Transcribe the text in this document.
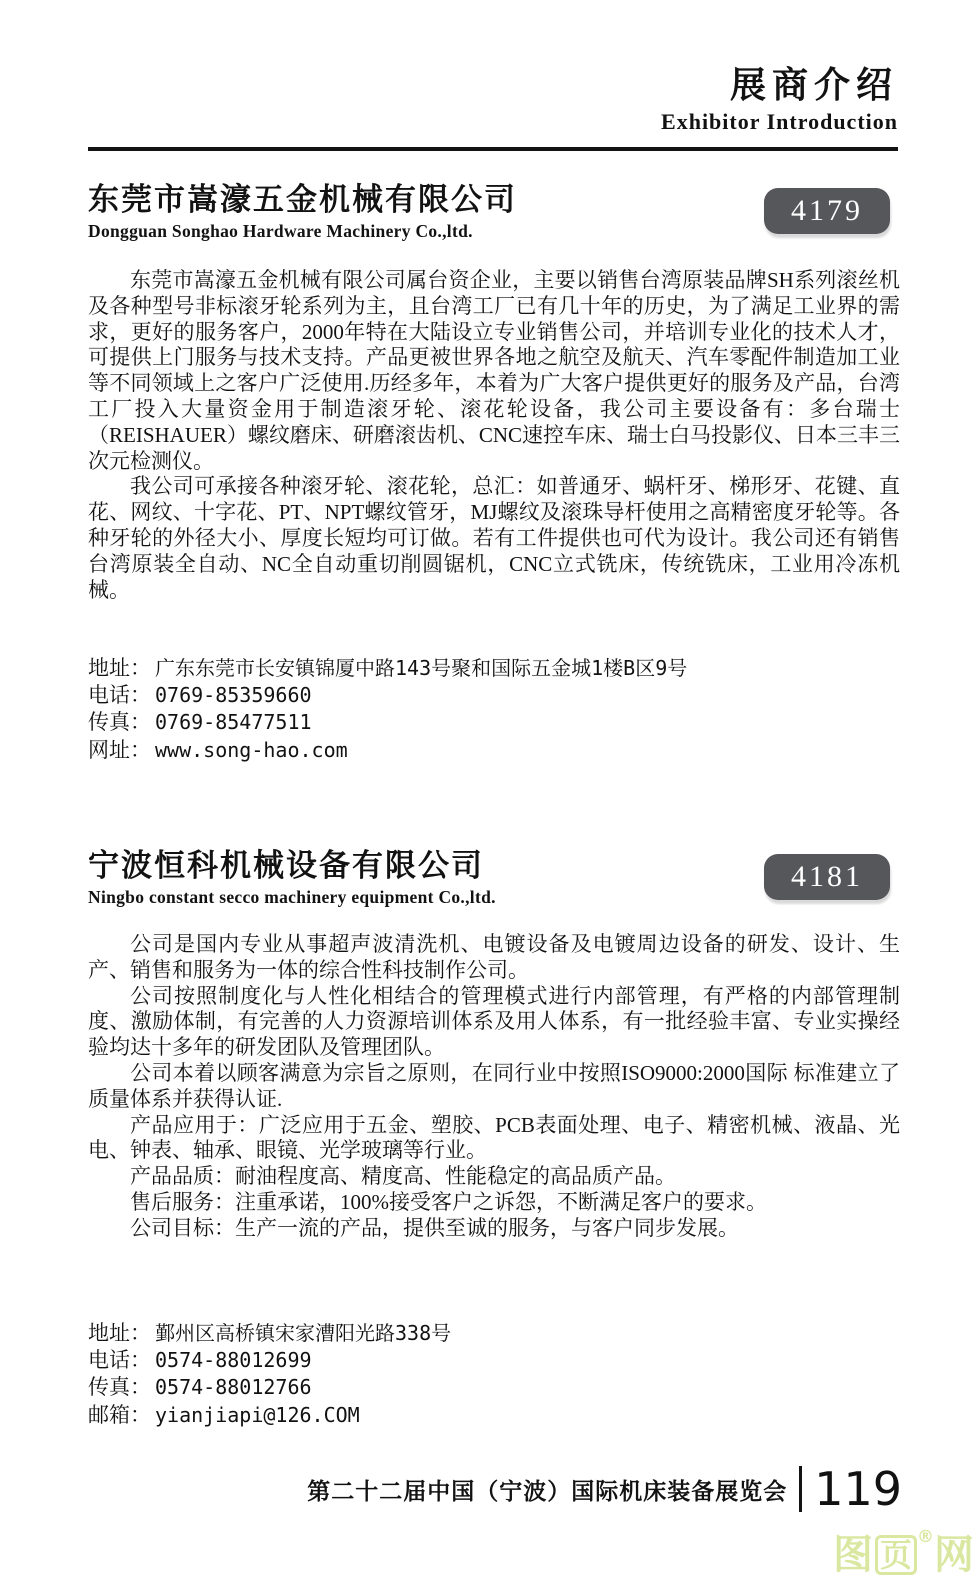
展商介绍
Exhibitor Introduction
东莞市嵩濠五金机械有限公司
Dongguan Songhao Hardware Machinery Co.,ltd.
4179

东莞市嵩濠五金机械有限公司属台资企业，主要以销售台湾原装品牌SH系列滚丝机及各种型号非标滚牙轮系列为主，且台湾工厂已有几十年的历史，为了满足工业界的需求，更好的服务客户，2000年特在大陆设立专业销售公司，并培训专业化的技术人才，可提供上门服务与技术支持。产品更被世界各地之航空及航天、汽车零配件制造加工业等不同领域上之客户广泛使用.历经多年，本着为广大客户提供更好的服务及产品，台湾工厂投入大量资金用于制造滚牙轮、滚花轮设备，我公司主要设备有：多台瑞士（REISHAUER）螺纹磨床、研磨滚齿机、CNC速控车床、瑞士白马投影仪、日本三丰三次元检测仪。

我公司可承接各种滚牙轮、滚花轮，总汇：如普通牙、蜗杆牙、梯形牙、花键、直花、网纹、十字花、PT、NPT螺纹管牙，MJ螺纹及滚珠导杆使用之高精密度牙轮等。各种牙轮的外径大小、厚度长短均可订做。若有工件提供也可代为设计。我公司还有销售台湾原装全自动、NC全自动重切削圆锯机，CNC立式铣床，传统铣床，工业用冷冻机械。

地址： 广东东莞市长安镇锦厦中路143号聚和国际五金城1楼B区9号
电话： 0769-85359660
传真： 0769-85477511
网址： www.song-hao.com
宁波恒科机械设备有限公司
Ningbo constant secco machinery equipment Co.,ltd.
4181

公司是国内专业从事超声波清洗机、电镀设备及电镀周边设备的研发、设计、生产、销售和服务为一体的综合性科技制作公司。

公司按照制度化与人性化相结合的管理模式进行内部管理，有严格的内部管理制度、激励体制，有完善的人力资源培训体系及用人体系，有一批经验丰富、专业实操经验均达十多年的研发团队及管理团队。

公司本着以顾客满意为宗旨之原则，在同行业中按照ISO9000:2000国际 标准建立了质量体系并获得认证.

产品应用于：广泛应用于五金、塑胶、PCB表面处理、电子、精密机械、液晶、光电、钟表、轴承、眼镜、光学玻璃等行业。

产品品质：耐油程度高、精度高、性能稳定的高品质产品。

售后服务：注重承诺，100%接受客户之诉怨，不断满足客户的要求。

公司目标：生产一流的产品，提供至诚的服务，与客户同步发展。

地址： 鄞州区高桥镇宋家漕阳光路338号
电话： 0574-88012699
传真： 0574-88012766
邮箱： yianjiapi@126.COM
第二十二届中国（宁波）国际机床装备展览会 119
图 页 ® 网
